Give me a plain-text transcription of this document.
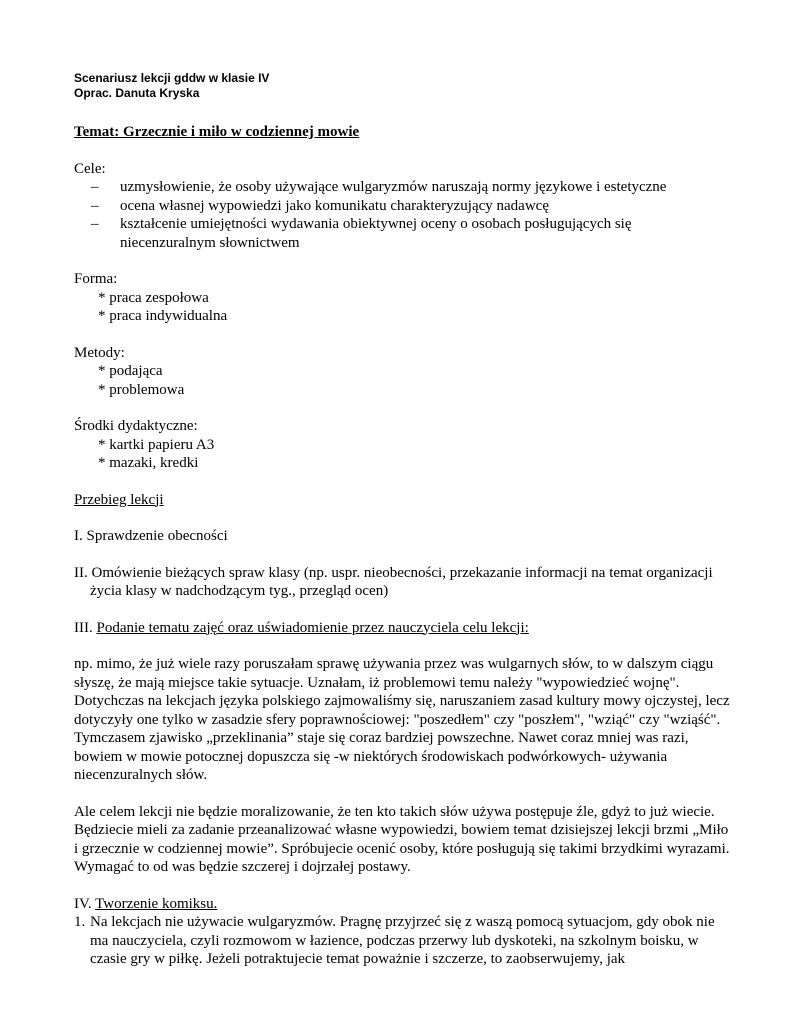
Scenariusz lekcji gddw w klasie IV
Oprac. Danuta Kryska
Temat: Grzecznie i miło w codziennej mowie

Cele:

– uzmysłowienie, że osoby używające wulgaryzmów naruszają normy językowe i estetyczne
– ocena własnej wypowiedzi jako komunikatu charakteryzujący nadawcę
– kształcenie umiejętności wydawania obiektywnej oceny o osobach posługujących się niecenzuralnym słownictwem

Forma:

* praca zespołowa

* praca indywidualna

Metody:

* podająca

* problemowa

Środki dydaktyczne:

* kartki papieru A3

* mazaki, kredki

Przebieg lekcji

I. Sprawdzenie obecności

II. Omówienie bieżących spraw klasy (np. uspr. nieobecności, przekazanie informacji na temat organizacji życia klasy w nadchodzącym tyg., przegląd ocen)

III. Podanie tematu zajęć oraz uświadomienie przez nauczyciela celu lekcji:

np. mimo, że już wiele razy poruszałam sprawę używania przez was wulgarnych słów, to w dalszym ciągu słyszę, że mają miejsce takie sytuacje. Uznałam, iż problemowi temu należy "wypowiedzieć wojnę". Dotychczas na lekcjach języka polskiego zajmowaliśmy się, naruszaniem zasad kultury mowy ojczystej, lecz dotyczyły one tylko w zasadzie sfery poprawnościowej: "poszedłem" czy "poszłem", "wziąć" czy "wziąść". Tymczasem zjawisko „przeklinania” staje się coraz bardziej powszechne. Nawet coraz mniej was razi, bowiem w mowie potocznej dopuszcza się -w niektórych środowiskach podwórkowych- używania niecenzuralnych słów.

Ale celem lekcji nie będzie moralizowanie, że ten kto takich słów używa postępuje źle, gdyż to już wiecie. Będziecie mieli za zadanie przeanalizować własne wypowiedzi, bowiem temat dzisiejszej lekcji brzmi „Miło i grzecznie w codziennej mowie”. Spróbujecie ocenić osoby, które posługują się takimi brzydkimi wyrazami. Wymagać to od was będzie szczerej i dojrzałej postawy.

IV. Tworzenie komiksu.

1. Na lekcjach nie używacie wulgaryzmów. Pragnę przyjrzeć się z waszą pomocą sytuacjom, gdy obok nie ma nauczyciela, czyli rozmowom w łazience, podczas przerwy lub dyskoteki, na szkolnym boisku, w czasie gry w piłkę. Jeżeli potraktujecie temat poważnie i szczerze, to zaobserwujemy, jak
